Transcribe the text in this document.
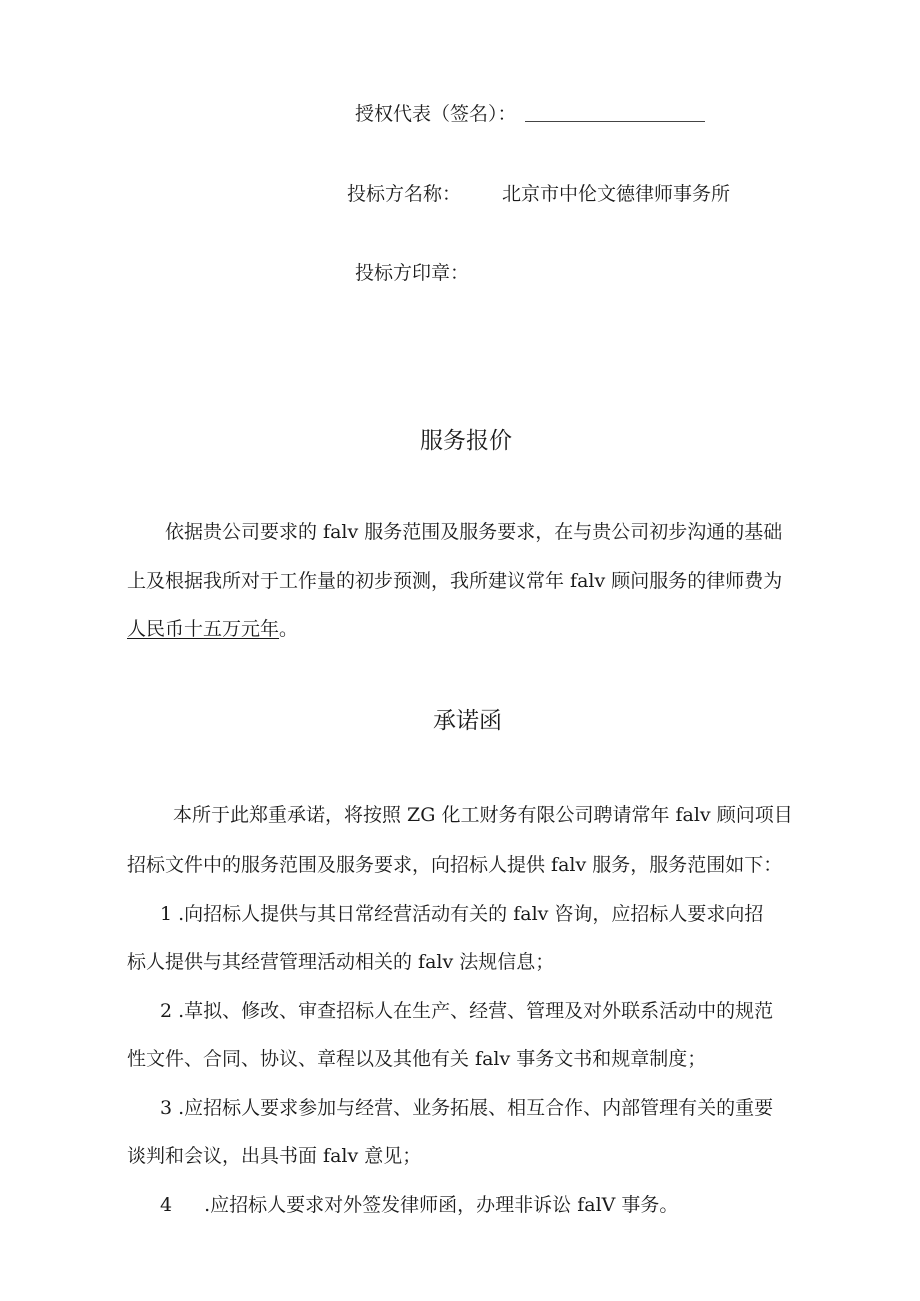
授权代表（签名）：
投标方名称： 北京市中伦文德律师事务所
投标方印章：
服务报价
依据贵公司要求的 falv 服务范围及服务要求，在与贵公司初步沟通的基础
上及根据我所对于工作量的初步预测，我所建议常年 falv 顾问服务的律师费为
人民币十五万元年。
承诺函
本所于此郑重承诺，将按照 ZG 化工财务有限公司聘请常年 falv 顾问项目
招标文件中的服务范围及服务要求，向招标人提供 falv 服务，服务范围如下：
1 .向招标人提供与其日常经营活动有关的 falv 咨询，应招标人要求向招
标人提供与其经营管理活动相关的 falv 法规信息；
2 .草拟、修改、审查招标人在生产、经营、管理及对外联系活动中的规范
性文件、合同、协议、章程以及其他有关 falv 事务文书和规章制度；
3 .应招标人要求参加与经营、业务拓展、相互合作、内部管理有关的重要
谈判和会议，出具书面 falv 意见；
4 .应招标人要求对外签发律师函，办理非诉讼 falV 事务。
